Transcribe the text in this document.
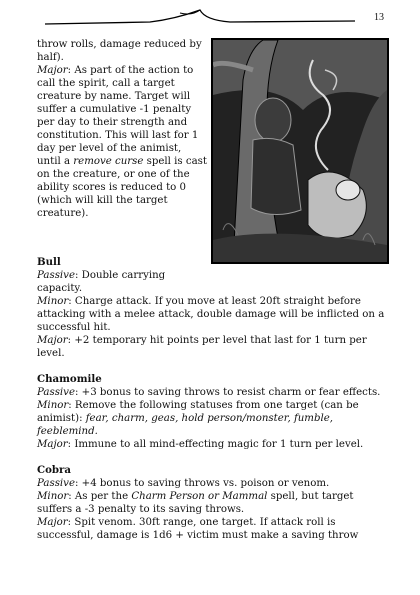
13

throw rolls, damage reduced by half).

Major: As part of the action to call the spirit, call a target creature by name. Target will suffer a cumulative -1 penalty per day to their strength and constitution. This will last for 1 day per level of the animist, until a remove curse spell is cast on the creature, or one of the ability scores is reduced to 0 (which will kill the target creature).

Bull

Passive: Double carrying capacity.

Minor: Charge attack. If you move at least 20ft straight before attacking with a melee attack, double damage will be inflicted on a successful hit.

Major: +2 temporary hit points per level that last for 1 turn per level.

Chamomile

Passive: +3 bonus to saving throws to resist charm or fear effects.

Minor: Remove the following statuses from one target (can be animist): fear, charm, geas, hold person/monster, fumble, feeblemind.

Major: Immune to all mind-effecting magic for 1 turn per level.

Cobra

Passive: +4 bonus to saving throws vs. poison or venom.

Minor: As per the Charm Person or Mammal spell, but target suffers a -3 penalty to its saving throws.

Major: Spit venom. 30ft range, one target. If attack roll is successful, damage is 1d6 + victim must make a saving throw
